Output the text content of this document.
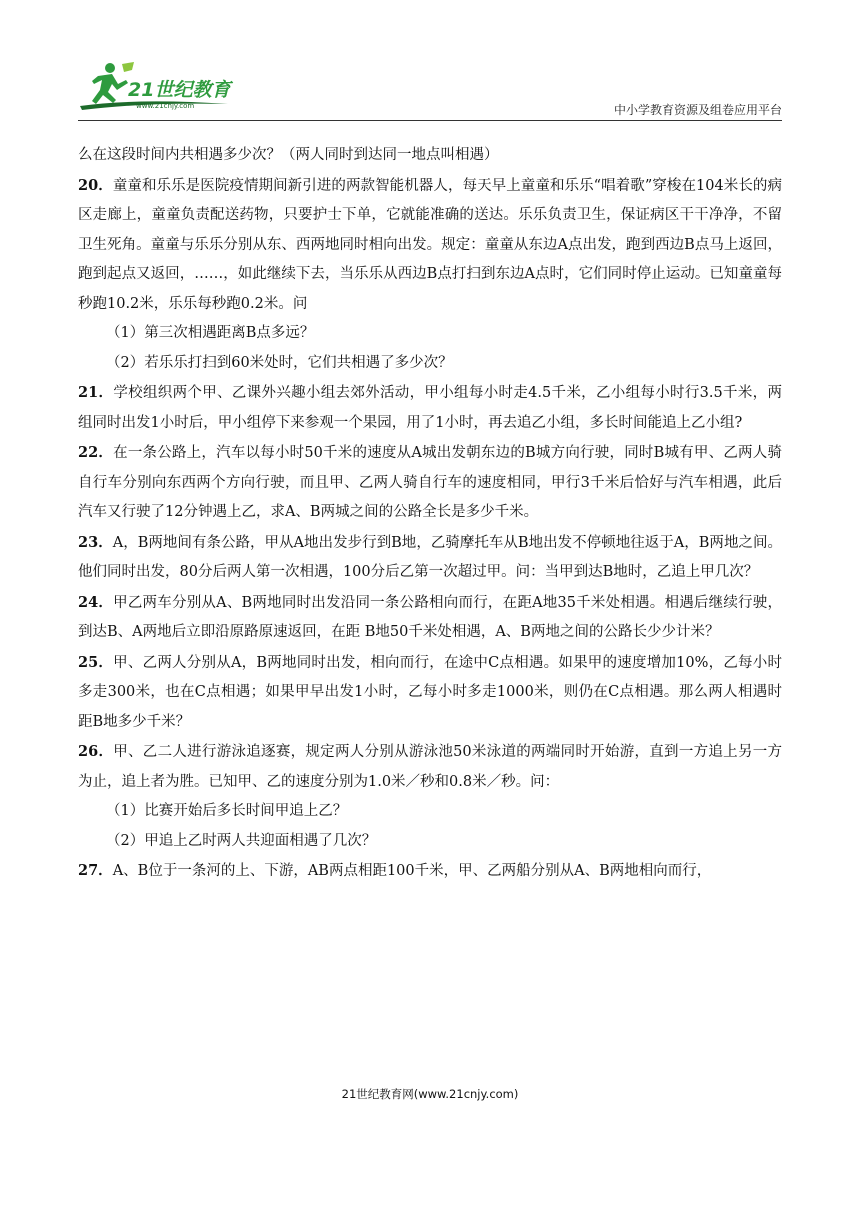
21世纪教育
www.21cnjy.com	中小学教育资源及组卷应用平台
么在这段时间内共相遇多少次？（两人同时到达同一地点叫相遇）
20．童童和乐乐是医院疫情期间新引进的两款智能机器人，每天早上童童和乐乐“唱着歌”穿梭在104米长的病区走廊上，童童负责配送药物，只要护士下单，它就能准确的送达。乐乐负责卫生，保证病区干干净净，不留卫生死角。童童与乐乐分别从东、西两地同时相向出发。规定：童童从东边A点出发，跑到西边B点马上返回，跑到起点又返回，……，如此继续下去，当乐乐从西边B点打扫到东边A点时，它们同时停止运动。已知童童每秒跑10.2米，乐乐每秒跑0.2米。问
（1）第三次相遇距离B点多远？
（2）若乐乐打扫到60米处时，它们共相遇了多少次？
21．学校组织两个甲、乙课外兴趣小组去郊外活动，甲小组每小时走4.5千米，乙小组每小时行3.5千米，两组同时出发1小时后，甲小组停下来参观一个果园，用了1小时，再去追乙小组，多长时间能追上乙小组?
22．在一条公路上，汽车以每小时50千米的速度从A城出发朝东边的B城方向行驶，同时B城有甲、乙两人骑自行车分别向东西两个方向行驶，而且甲、乙两人骑自行车的速度相同，甲行3千米后恰好与汽车相遇，此后汽车又行驶了12分钟遇上乙，求A、B两城之间的公路全长是多少千米。
23．A，B两地间有条公路，甲从A地出发步行到B地，乙骑摩托车从B地出发不停顿地往返于A，B两地之间。他们同时出发，80分后两人第一次相遇，100分后乙第一次超过甲。问：当甲到达B地时，乙追上甲几次？
24．甲乙两车分别从A、B两地同时出发沿同一条公路相向而行，在距A地35千米处相遇。相遇后继续行驶，到达B、A两地后立即沿原路原速返回，在距 B地50千米处相遇，A、B两地之间的公路长少少计米？
25．甲、乙两人分别从A，B两地同时出发，相向而行，在途中C点相遇。如果甲的速度增加10%，乙每小时多走300米，也在C点相遇；如果甲早出发1小时，乙每小时多走1000米，则仍在C点相遇。那么两人相遇时距B地多少千米？
26．甲、乙二人进行游泳追逐赛，规定两人分别从游泳池50米泳道的两端同时开始游，直到一方追上另一方为止，追上者为胜。已知甲、乙的速度分别为1.0米／秒和0.8米／秒。问：
（1）比赛开始后多长时间甲追上乙？
（2）甲追上乙时两人共迎面相遇了几次？
27．A、B位于一条河的上、下游，AB两点相距100千米，甲、乙两船分别从A、B两地相向而行，
21世纪教育网(www.21cnjy.com)
